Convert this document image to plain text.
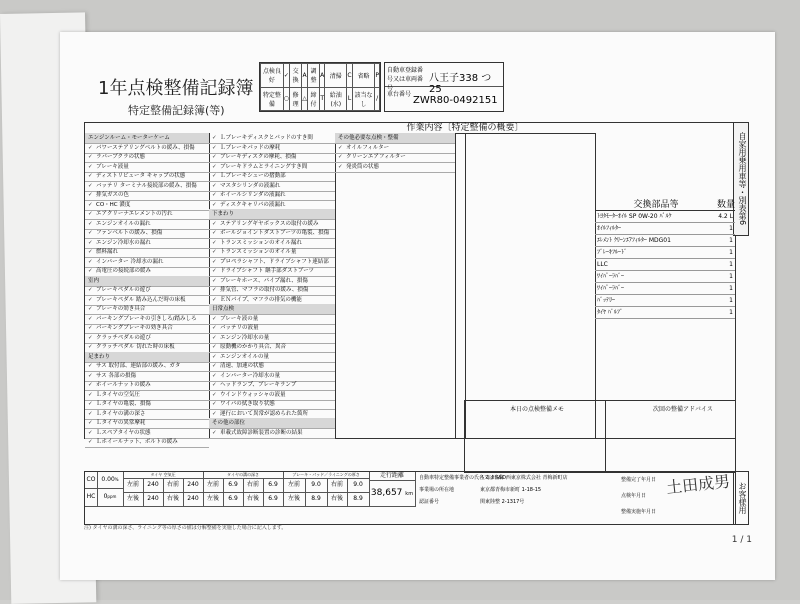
1年点検整備記録簿
特定整備記録簿(等)
点検良好	✓	交換	A	調整	A	清掃	C	省略	P
特定整備	○	修理	△	締付	T	給油(水)	L	該当なし	/
自動車登録番号又は車両番号
八王子338 つ 25
車台番号
ZWR80-0492151
作業内容〔特定整備の概要〕
エンジンルーム・モーターケーム
✓ パワーステアリングベルトの緩み、損傷
✓ ラバーブクラの状態
✓ ブレーキ液量
✓ ディストリビュータ キャップの状態
✓ バッテリ ターミナル接続部の緩み、損傷
✓ 排気ガスの色
✓ CO・HC 濃度
✓ エアクリーナエレメントの汚れ
✓ エンジンオイルの漏れ
✓ ファンベルトの緩み、損傷
✓ エンジン冷却水の漏れ
✓ 燃料漏れ
✓ インバーター 冷却水の漏れ
✓ 高電圧の接続部の緩み
室内
✓ ブレーキペダルの遊び
✓ ブレーキペダル 踏み込んだ時の床板
✓ ブレーキの効き具合
✓ パーキングブレーキの引きしろ/踏みしろ
✓ パーキングブレーキの効き具合
✓ クラッチペダルの遊び
✓ クラッチペダル 切れた時の床板
足まわり
✓ サス 取付部、連結部の緩み、ガタ
✓ サス 各部の損傷
✓ ホイールナットの緩み
✓ Ｌタイヤの空気圧
✓ Ｌタイヤの亀裂、損傷
✓ Ｌタイヤの溝の深さ
✓ Ｌタイヤの異常摩耗
✓ Ｌスペアタイヤの状態
✓ Ｌホイールナット、ボルトの緩み
✓ Ｌブレーキディスクとパッドのすき間
✓ Ｌブレーキパッドの摩耗
✓ ブレーキディスクの摩耗、損傷
✓ ブレーキドラムとライニングすき間
✓ Ｌブレーキシューの摺動部
✓ マスタシリンダの液漏れ
✓ ホイールシリンダの液漏れ
✓ ディスクキャリパの液漏れ
下まわり
✓ ステアリングギヤボックスの取付の緩み
✓ ボールジョイントダストブーツの亀裂、損傷
✓ トランスミッションのオイル漏れ
✓ トランスミッションのオイル量
✓ プロペラシャフト、ドライブシャフト連結部
✓ ドライブシャフト 継手部ダストブーツ
✓ ブレーキホース、パイプ漏れ、損傷
✓ 排気管、マフラの取付の緩み、損傷
✓ ＥＮパイプ、マフラの排気の機能
日常点検
✓ ブレーキ液の量
✓ バッテリの液量
✓ エンジン冷却水の量
✓ 原動機のかかり具合、異音
✓ エンジンオイルの量
✓ 清速、加速の状態
✓ インバーター冷却水の量
✓ ヘッドランプ、ブレーキランプ
✓ ウインドウォッシャの液量
✓ ワイパの拭き取り状態
✓ 運行において異常が認められた箇所
その他の部位
✓ 車載式故障診断装置の診断の結果
その他必要な点検・整備
✓ オイルフィルター
✓ クリーンエアフィルター
✓ 発炎筒の状態	自家用乗用車等・別表第6
交換部品等	数量
ﾄﾖﾀﾓｰﾀｰｵｲﾙ SP 0W-20 ﾊﾟﾙｸ	4.2 L
ｵｲﾙﾌｨﾙﾀｰ	1
ｴﾚﾒﾝﾄ ｸﾘｰﾝｴｱﾌｨﾙﾀｰ MDG01	1
ﾌﾞﾚｰｷﾌﾙｰﾄﾞ	1
LLC	1
ﾜｲﾊﾟｰﾗﾊﾞｰ	1
ﾜｲﾊﾟｰﾗﾊﾞｰ	1
ﾊﾞｯﾃﾘｰ	1
ﾀｲﾔ ﾊﾞﾙﾌﾞ	1
本日の点検整備メモ	次回の整備アドバイス
CO 0.00%
HC	0ppm
タイヤ 空気圧
左前	240	右前	240
左後	240	右後	240
タイヤの溝の深さ
左前	6.9	右前	6.9
左後	6.9	右後	6.9
ブレーキ・パッド／ライニングの厚さ
左前	9.0	右前	9.0
左後	8.9	右後	8.9
走行距離
38,657 km
自動車特定整備事業者の氏名又は名称
トヨタS&D西東京株式会社 青梅新町店
事業場の所在地	東京都青梅市新町 1-18-15
認証番号	関東陸整 2-1317号
整備完了年月日
点検年月日
整備実施年月日
土田成男 お客様用
注) タイヤの溝の深さ、ライニング等の厚さの値は分解整備を実施した場合に記入します。
1 / 1
